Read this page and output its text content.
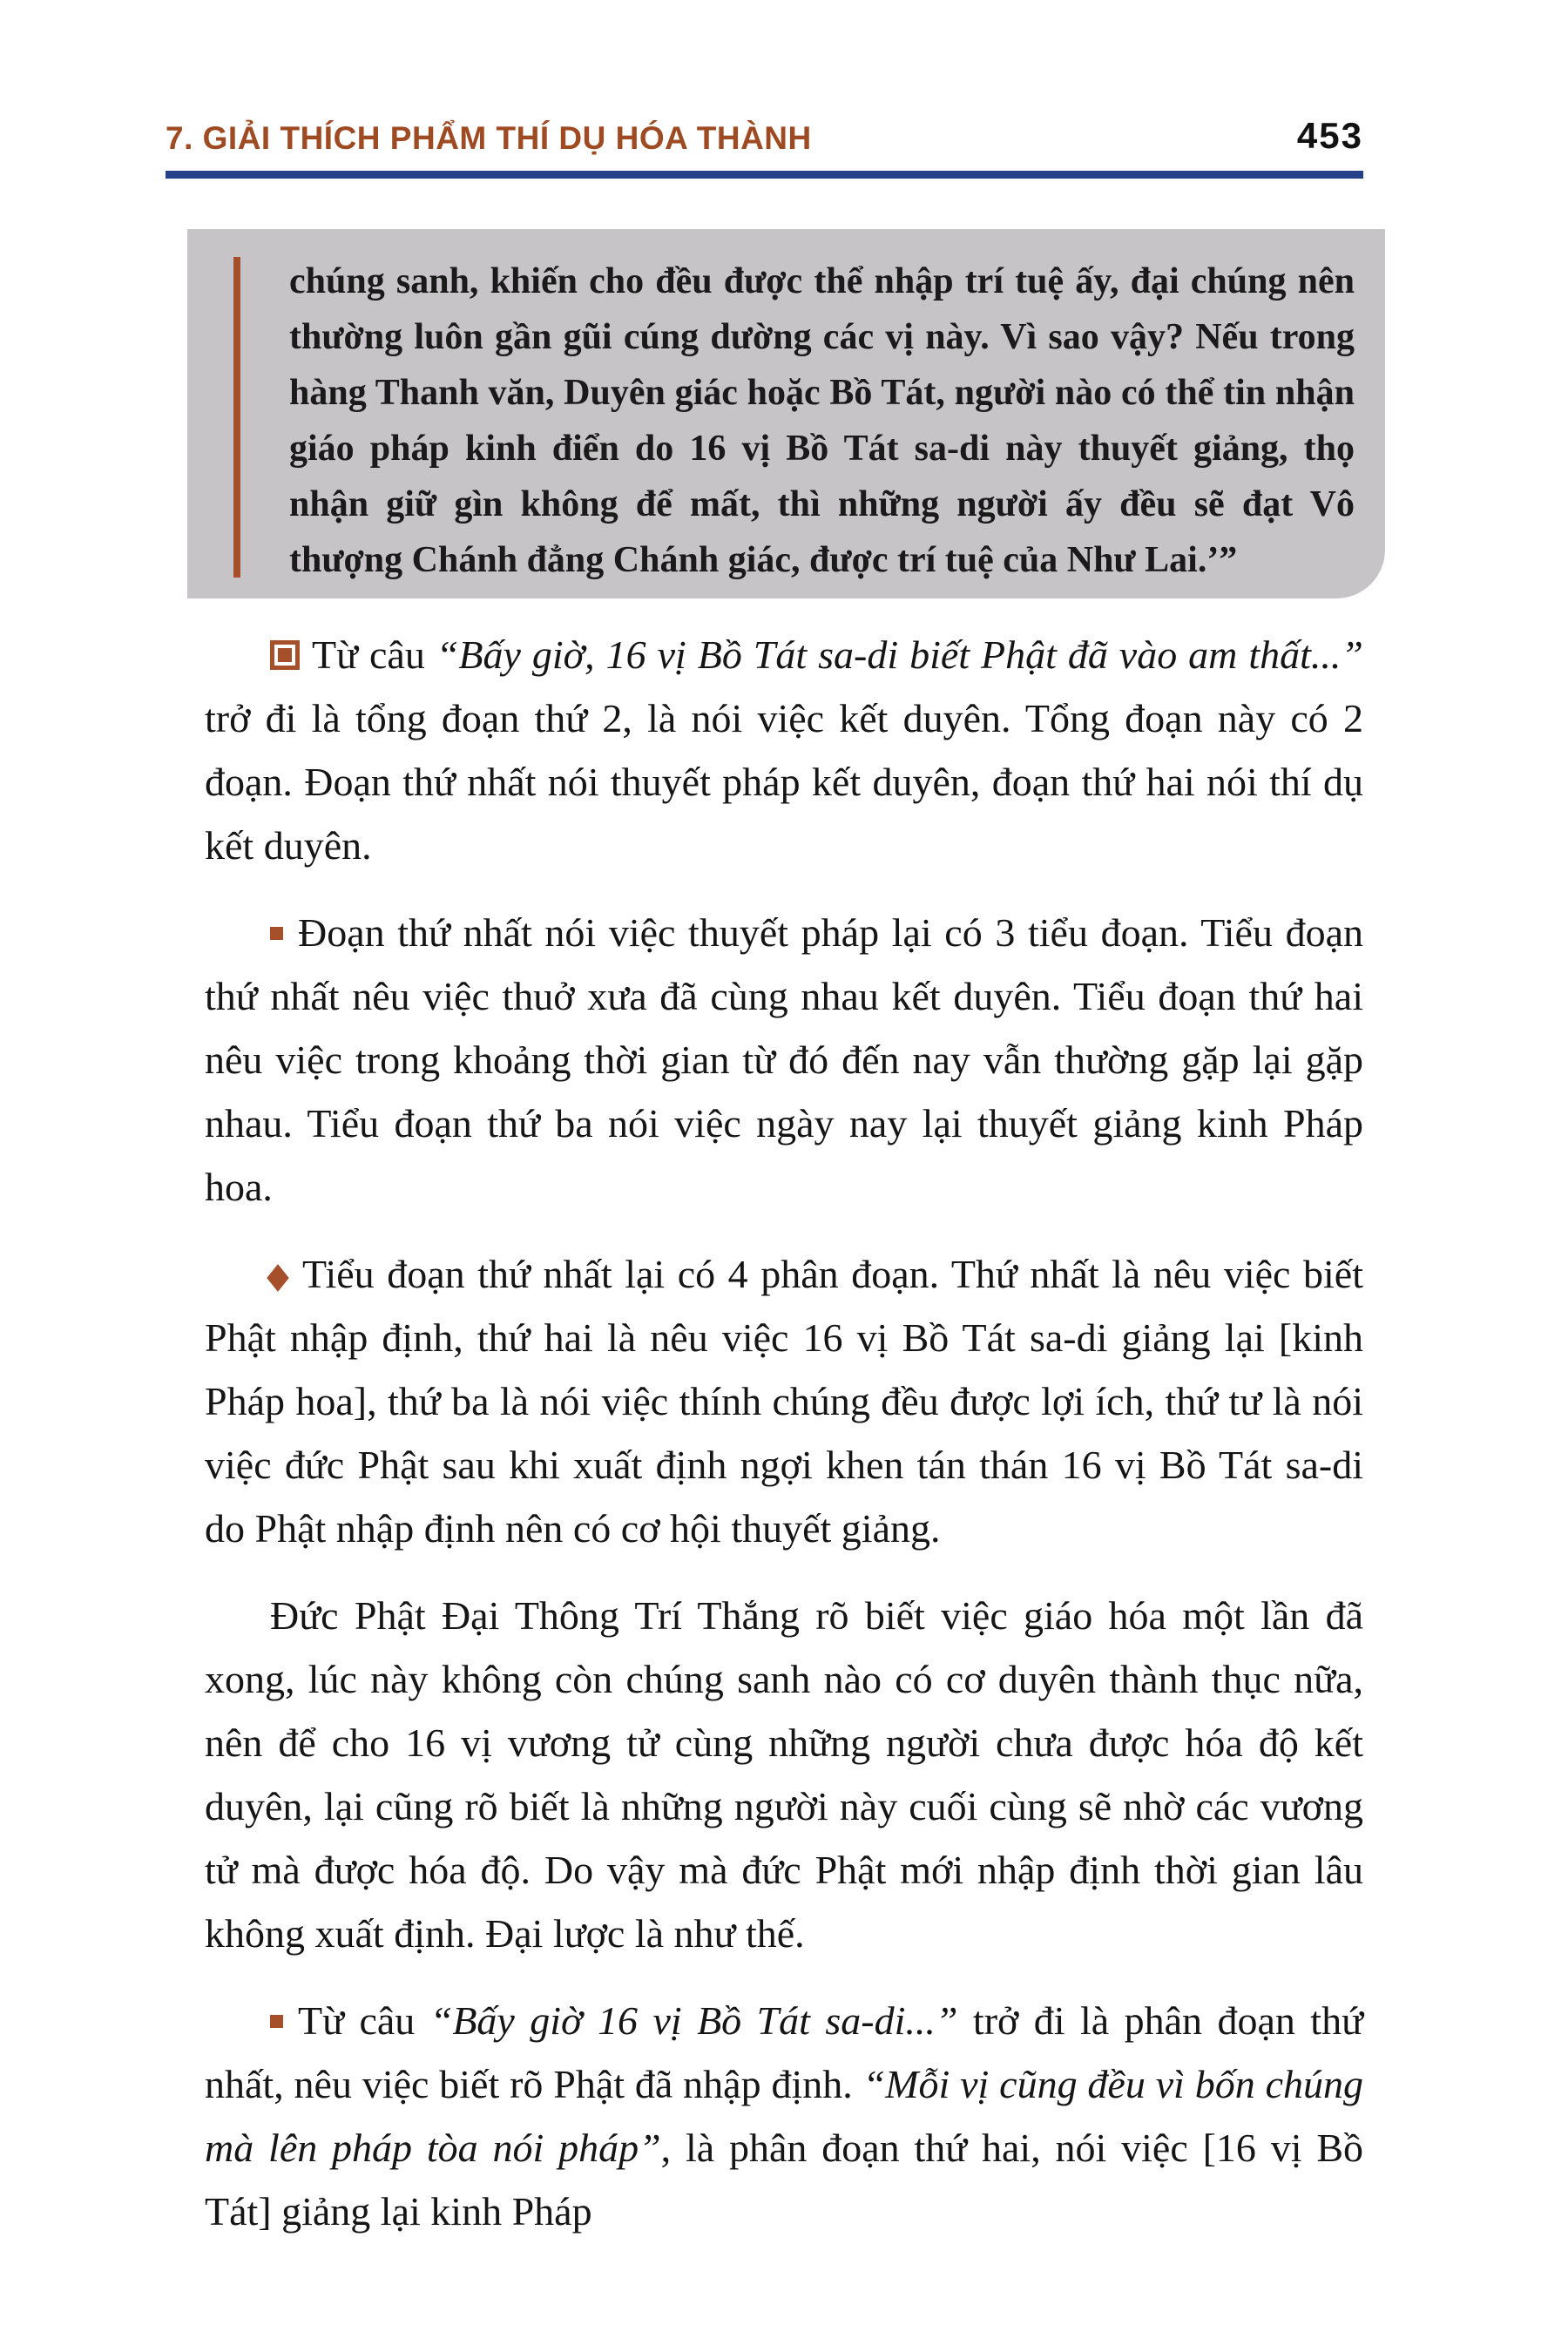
7. GIẢI THÍCH PHẨM THÍ DỤ HÓA THÀNH	453

chúng sanh, khiến cho đều được thể nhập trí tuệ ấy, đại chúng nên thường luôn gần gũi cúng dường các vị này. Vì sao vậy? Nếu trong hàng Thanh văn, Duyên giác hoặc Bồ Tát, người nào có thể tin nhận giáo pháp kinh điển do 16 vị Bồ Tát sa-di này thuyết giảng, thọ nhận giữ gìn không để mất, thì những người ấy đều sẽ đạt Vô thượng Chánh đẳng Chánh giác, được trí tuệ của Như Lai.’”

Từ câu “Bấy giờ, 16 vị Bồ Tát sa-di biết Phật đã vào am thất...” trở đi là tổng đoạn thứ 2, là nói việc kết duyên. Tổng đoạn này có 2 đoạn. Đoạn thứ nhất nói thuyết pháp kết duyên, đoạn thứ hai nói thí dụ kết duyên.

Đoạn thứ nhất nói việc thuyết pháp lại có 3 tiểu đoạn. Tiểu đoạn thứ nhất nêu việc thuở xưa đã cùng nhau kết duyên. Tiểu đoạn thứ hai nêu việc trong khoảng thời gian từ đó đến nay vẫn thường gặp lại gặp nhau. Tiểu đoạn thứ ba nói việc ngày nay lại thuyết giảng kinh Pháp hoa.

Tiểu đoạn thứ nhất lại có 4 phân đoạn. Thứ nhất là nêu việc biết Phật nhập định, thứ hai là nêu việc 16 vị Bồ Tát sa-di giảng lại [kinh Pháp hoa], thứ ba là nói việc thính chúng đều được lợi ích, thứ tư là nói việc đức Phật sau khi xuất định ngợi khen tán thán 16 vị Bồ Tát sa-di do Phật nhập định nên có cơ hội thuyết giảng.

Đức Phật Đại Thông Trí Thắng rõ biết việc giáo hóa một lần đã xong, lúc này không còn chúng sanh nào có cơ duyên thành thục nữa, nên để cho 16 vị vương tử cùng những người chưa được hóa độ kết duyên, lại cũng rõ biết là những người này cuối cùng sẽ nhờ các vương tử mà được hóa độ. Do vậy mà đức Phật mới nhập định thời gian lâu không xuất định. Đại lược là như thế.

Từ câu “Bấy giờ 16 vị Bồ Tát sa-di...” trở đi là phân đoạn thứ nhất, nêu việc biết rõ Phật đã nhập định. “Mỗi vị cũng đều vì bốn chúng mà lên pháp tòa nói pháp”, là phân đoạn thứ hai, nói việc [16 vị Bồ Tát] giảng lại kinh Pháp
